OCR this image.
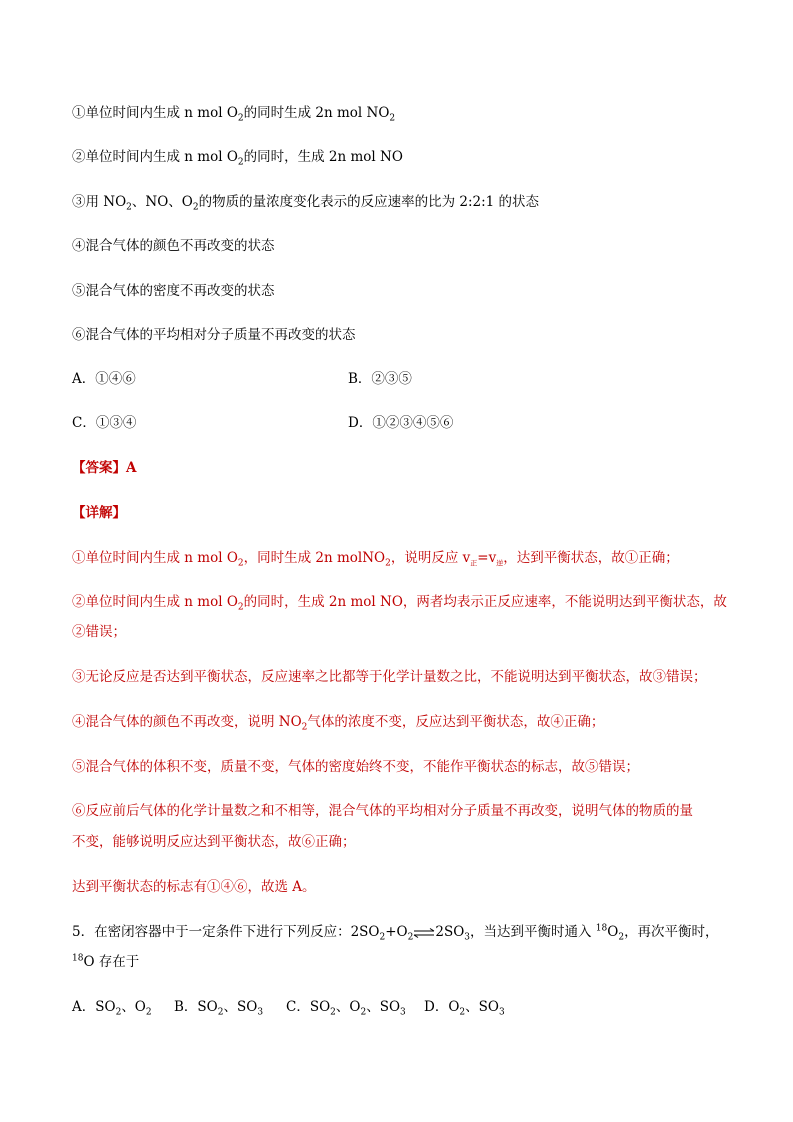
①单位时间内生成 n mol $O_2$的同时生成 2n mol $NO_2$
②单位时间内生成 n mol $O_2$的同时，生成 2n mol NO
③用 $NO_2$、NO、$O_2$的物质的量浓度变化表示的反应速率的比为 2:2:1 的状态
④混合气体的颜色不再改变的状态
⑤混合气体的密度不再改变的状态
⑥混合气体的平均相对分子质量不再改变的状态
A．①④⑥	B．②③⑤
C．①③④	D．①②③④⑤⑥
【答案】A
【详解】
①单位时间内生成 n mol $O_2$，同时生成 2n molNO$_2$，说明反应 $v_正=v_逆$，达到平衡状态，故①正确；
②单位时间内生成 n mol $O_2$的同时，生成 2n mol NO，两者均表示正反应速率，不能说明达到平衡状态，故
②错误；
③无论反应是否达到平衡状态，反应速率之比都等于化学计量数之比，不能说明达到平衡状态，故③错误；
④混合气体的颜色不再改变，说明 $NO_2$气体的浓度不变，反应达到平衡状态，故④正确；
⑤混合气体的体积不变，质量不变，气体的密度始终不变，不能作平衡状态的标志，故⑤错误；
⑥反应前后气体的化学计量数之和不相等，混合气体的平均相对分子质量不再改变，说明气体的物质的量
不变，能够说明反应达到平衡状态，故⑥正确；
达到平衡状态的标志有①④⑥，故选 A。
5．在密闭容器中于一定条件下进行下列反应：$2SO_2+O_2$ $\rightleftharpoons 2SO_3$，当达到平衡时通入 $^{18}O_2$，再次平衡时，
$^{18}$O 存在于
A．$SO_2$、$O_2$ B．$SO_2$、$SO_3$ C．$SO_2$、$O_2$、$SO_3$ D．$O_2$、$SO_3$
